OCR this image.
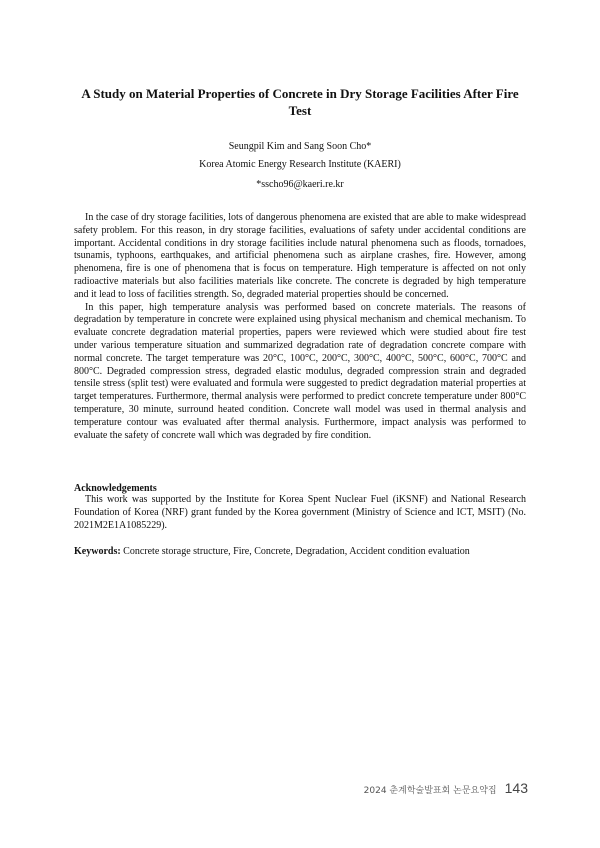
A Study on Material Properties of Concrete in Dry Storage Facilities After Fire Test
Seungpil Kim and Sang Soon Cho*
Korea Atomic Energy Research Institute (KAERI)
*sscho96@kaeri.re.kr

In the case of dry storage facilities, lots of dangerous phenomena are existed that are able to make widespread safety problem. For this reason, in dry storage facilities, evaluations of safety under accidental conditions are important. Accidental conditions in dry storage facilities include natural phenomena such as floods, tornadoes, tsunamis, typhoons, earthquakes, and artificial phenomena such as airplane crashes, fire. However, among phenomena, fire is one of phenomena that is focus on temperature. High temperature is affected on not only radioactive materials but also facilities materials like concrete. The concrete is degraded by high temperature and it lead to loss of facilities strength. So, degraded material properties should be concerned.

In this paper, high temperature analysis was performed based on concrete materials. The reasons of degradation by temperature in concrete were explained using physical mechanism and chemical mechanism. To evaluate concrete degradation material properties, papers were reviewed which were studied about fire test under various temperature situation and summarized degradation rate of degradation concrete compare with normal concrete. The target temperature was 20°C, 100°C, 200°C, 300°C, 400°C, 500°C, 600°C, 700°C and 800°C. Degraded compression stress, degraded elastic modulus, degraded compression strain and degraded tensile stress (split test) were evaluated and formula were suggested to predict degradation material properties at target temperatures. Furthermore, thermal analysis were performed to predict concrete temperature under 800°C temperature, 30 minute, surround heated condition. Concrete wall model was used in thermal analysis and temperature contour was evaluated after thermal analysis. Furthermore, impact analysis was performed to evaluate the safety of concrete wall which was degraded by fire condition.

Acknowledgements

This work was supported by the Institute for Korea Spent Nuclear Fuel (iKSNF) and National Research Foundation of Korea (NRF) grant funded by the Korea government (Ministry of Science and ICT, MSIT) (No. 2021M2E1A1085229).

Keywords: Concrete storage structure, Fire, Concrete, Degradation, Accident condition evaluation
2024 춘계학술발표회 논문요약집 143
